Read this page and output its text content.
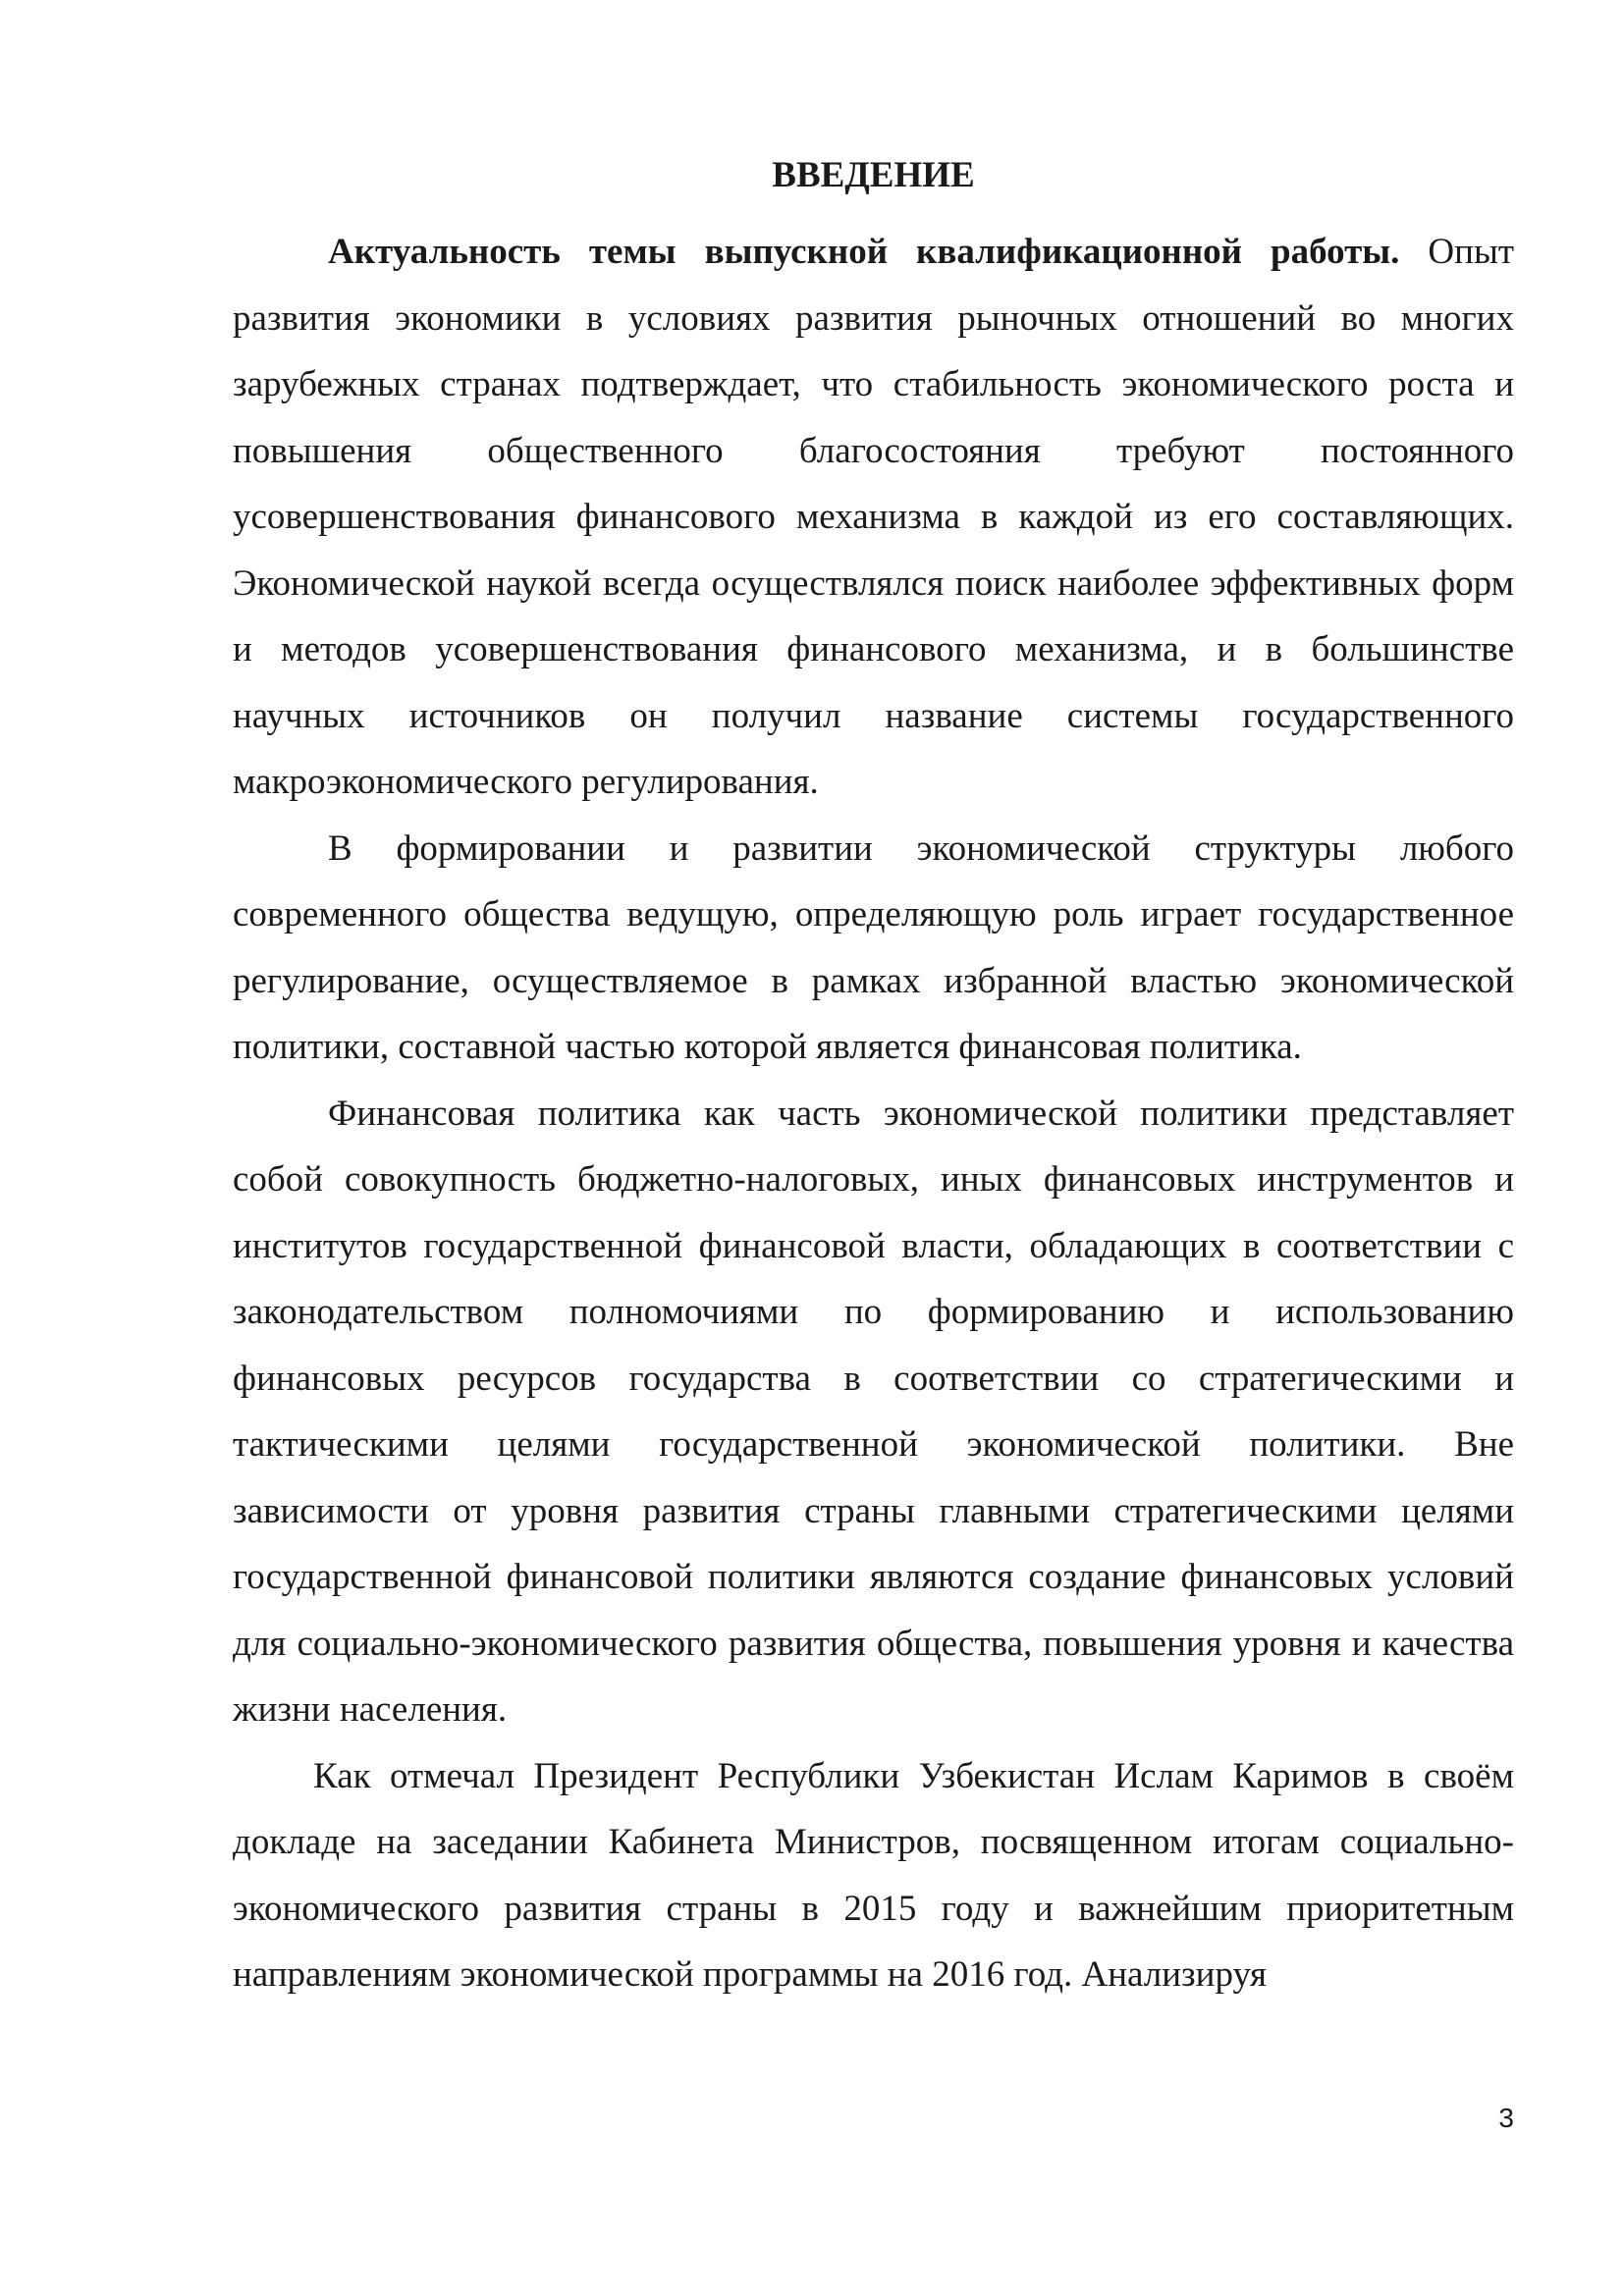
ВВЕДЕНИЕ

Актуальность темы выпускной квалификационной работы. Опыт развития экономики в условиях развития рыночных отношений во многих зарубежных странах подтверждает, что стабильность экономического роста и повышения общественного благосостояния требуют постоянного усовершенствования финансового механизма в каждой из его составляющих. Экономической наукой всегда осуществлялся поиск наиболее эффективных форм и методов усовершенствования финансового механизма, и в большинстве научных источников он получил название системы государственного макроэкономического регулирования.

В формировании и развитии экономической структуры любого современного общества ведущую, определяющую роль играет государственное регулирование, осуществляемое в рамках избранной властью экономической политики, составной частью которой является финансовая политика.

Финансовая политика как часть экономической политики представляет собой совокупность бюджетно-налоговых, иных финансовых инструментов и институтов государственной финансовой власти, обладающих в соответствии с законодательством полномочиями по формированию и использованию финансовых ресурсов государства в соответствии со стратегическими и тактическими целями государственной экономической политики. Вне зависимости от уровня развития страны главными стратегическими целями государственной финансовой политики являются создание финансовых условий для социально-экономического развития общества, повышения уровня и качества жизни населения.

Как отмечал Президент Республики Узбекистан Ислам Каримов в своём докладе на заседании Кабинета Министров, посвященном итогам социально-экономического развития страны в 2015 году и важнейшим приоритетным направлениям экономической программы на 2016 год. Анализируя

3
